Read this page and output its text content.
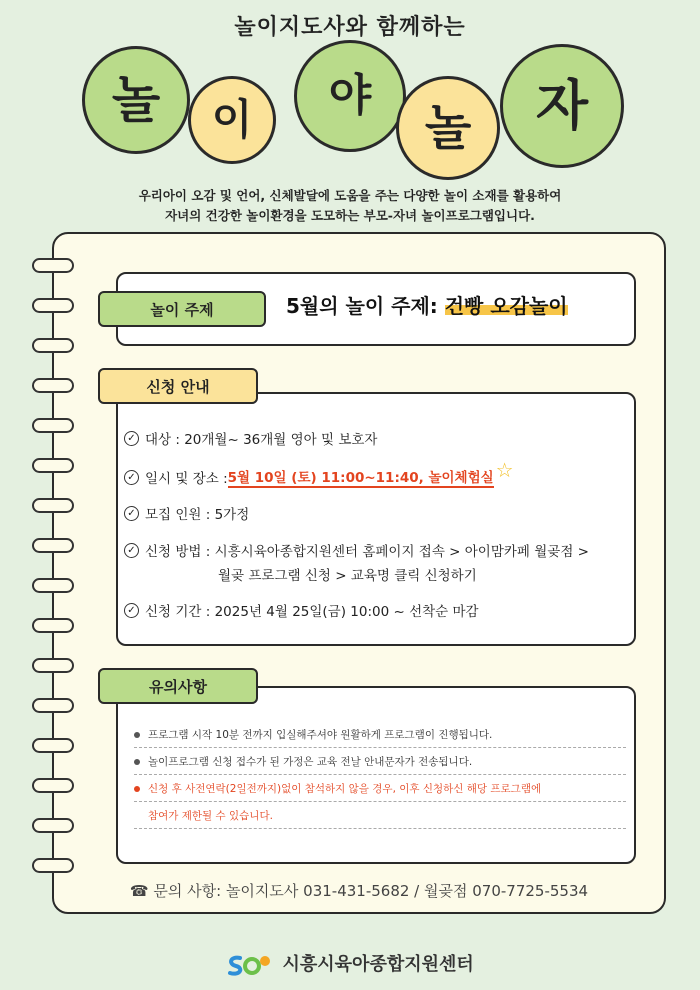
놀이지도사와 함께하는
놀 이 야
놀 자
우리아이 오감 및 언어, 신체발달에 도움을 주는 다양한 놀이 소재를 활용하여
자녀의 건강한 놀이환경을 도모하는 부모-자녀 놀이프로그램입니다.
놀이 주제	5월의 놀이 주제: 건빵 오감놀이
신청 안내
✓ 대상 : 20개월~ 36개월 영아 및 보호자
✓ 일시 및 장소 : 5월 10일 (토) 11:00~11:40, 놀이체험실 ☆
✓ 모집 인원 : 5가정
✓ 신청 방법 : 시흥시육아종합지원센터 홈페이지 접속 > 아이맘카페 월곶점 >
월곶 프로그램 신청 > 교육명 클릭 신청하기
✓ 신청 기간 : 2025년 4월 25일(금) 10:00 ~ 선착순 마감
유의사항
프로그램 시작 10분 전까지 입실해주셔야 원활하게 프로그램이 진행됩니다.
놀이프로그램 신청 접수가 된 가정은 교육 전날 안내문자가 전송됩니다.
신청 후 사전연락(2일전까지)없이 참석하지 않을 경우, 이후 신청하신 해당 프로그램에
참여가 제한될 수 있습니다.
☎ 문의 사항: 놀이지도사 031-431-5682 / 월곶점 070-7725-5534
시흥시육아종합지원센터
